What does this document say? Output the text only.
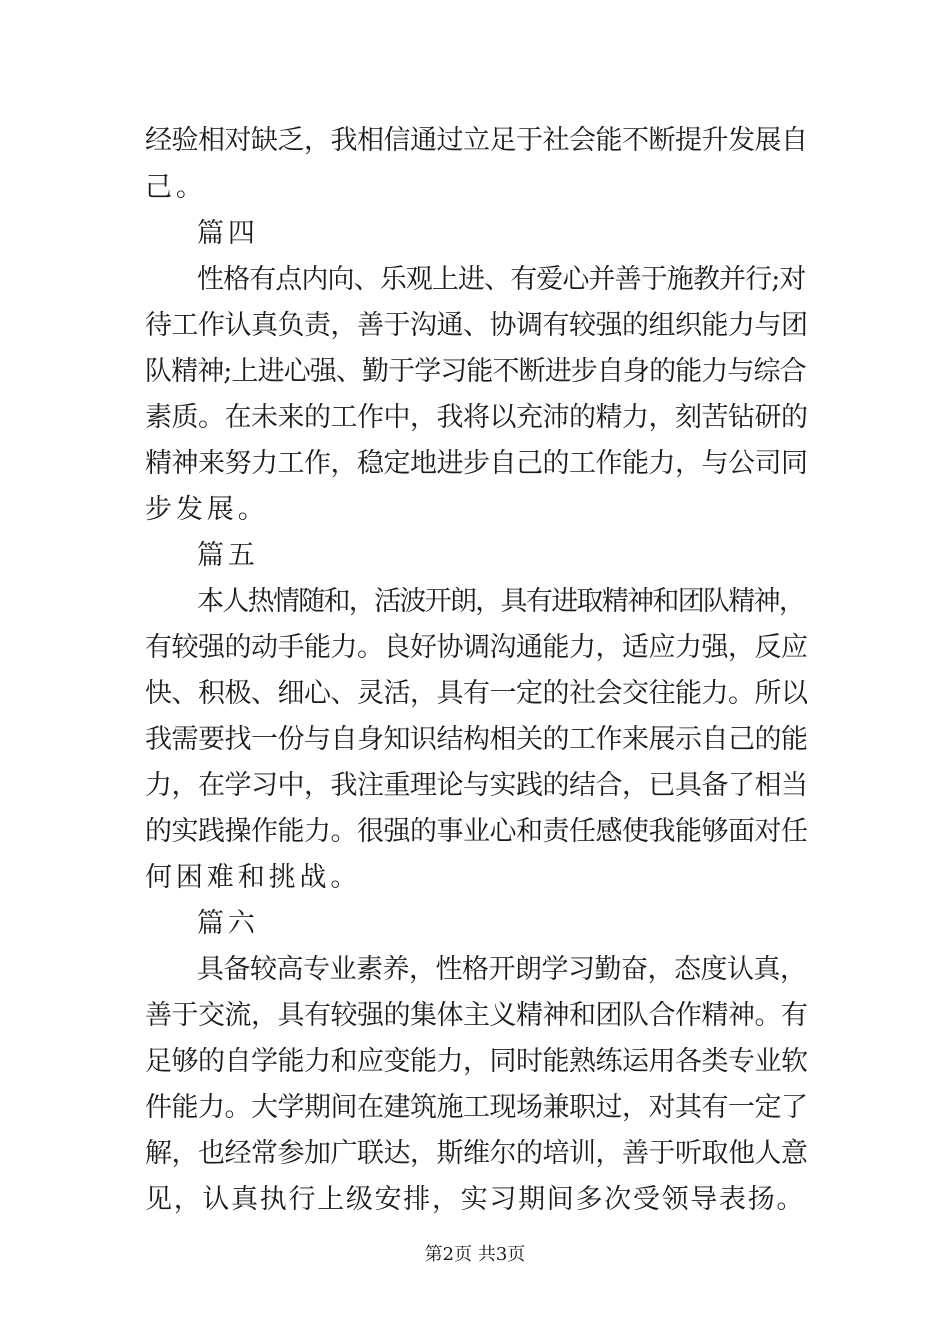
经验相对缺乏，我相信通过立足于社会能不断提升发展自
己。
篇四
性格有点内向、乐观上进、有爱心并善于施教并行;对
待工作认真负责，善于沟通、协调有较强的组织能力与团
队精神;上进心强、勤于学习能不断进步自身的能力与综合
素质。在未来的工作中，我将以充沛的精力，刻苦钻研的
精神来努力工作，稳定地进步自己的工作能力，与公司同
步发展。
篇五
本人热情随和，活波开朗，具有进取精神和团队精神，
有较强的动手能力。良好协调沟通能力，适应力强，反应
快、积极、细心、灵活，具有一定的社会交往能力。所以
我需要找一份与自身知识结构相关的工作来展示自己的能
力，在学习中，我注重理论与实践的结合，已具备了相当
的实践操作能力。很强的事业心和责任感使我能够面对任
何困难和挑战。
篇六
具备较高专业素养，性格开朗学习勤奋，态度认真，
善于交流，具有较强的集体主义精神和团队合作精神。有
足够的自学能力和应变能力，同时能熟练运用各类专业软
件能力。大学期间在建筑施工现场兼职过，对其有一定了
解，也经常参加广联达，斯维尔的培训，善于听取他人意
见，认真执行上级安排，实习期间多次受领导表扬。
第2页 共3页
